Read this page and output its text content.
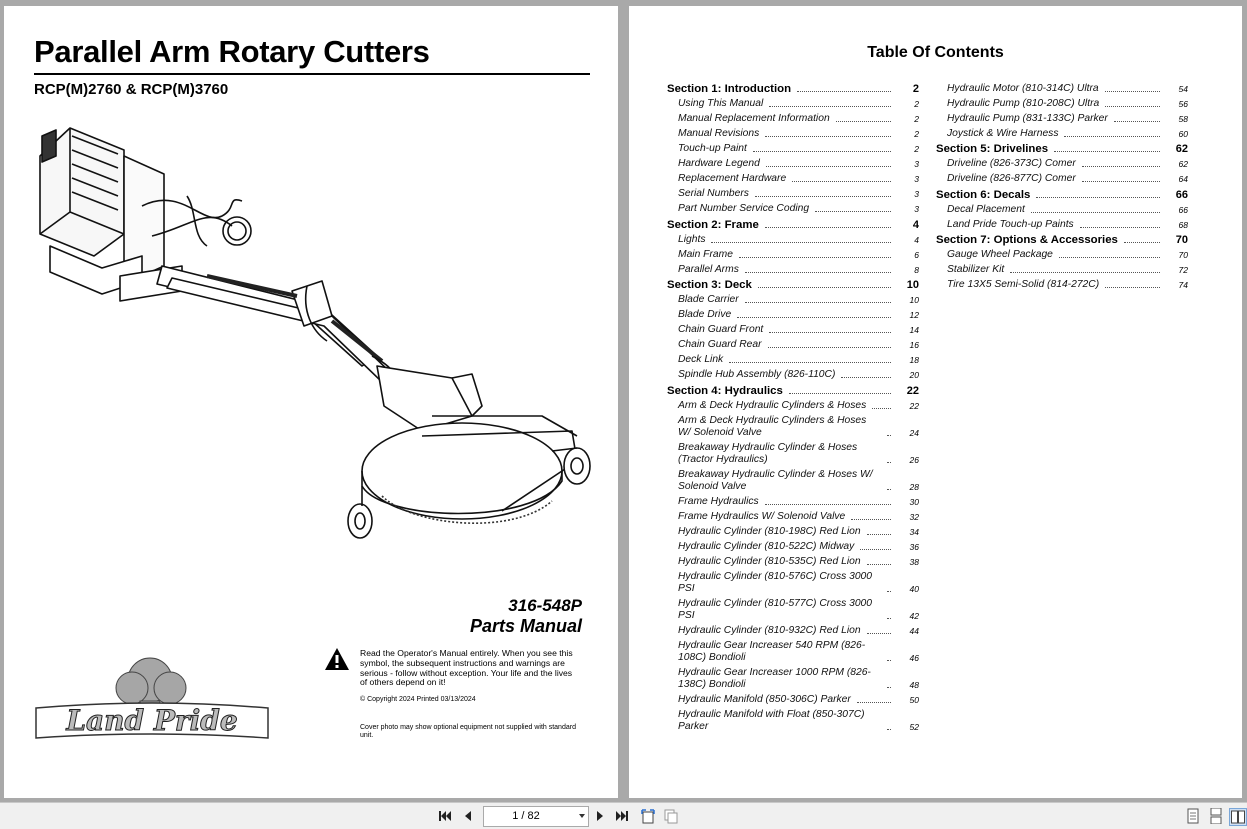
Parallel Arm Rotary Cutters
RCP(M)2760 & RCP(M)3760
316-548P
Parts Manual
Land Pride
Read the Operator's Manual entirely. When you see this symbol, the subsequent instructions and warnings are serious - follow without exception. Your life and the lives of others depend on it!
© Copyright 2024 Printed 03/13/2024
Cover photo may show optional equipment not supplied with standard unit.
Table Of Contents
Section 1: Introduction	2
Using This Manual	2
Manual Replacement Information	2
Manual Revisions	2
Touch-up Paint	2
Hardware Legend	3
Replacement Hardware	3
Serial Numbers	3
Part Number Service Coding	3
Section 2: Frame	4
Lights	4
Main Frame	6
Parallel Arms	8
Section 3: Deck	10
Blade Carrier	10
Blade Drive	12
Chain Guard Front	14
Chain Guard Rear	16
Deck Link	18
Spindle Hub Assembly (826-110C)	20
Section 4: Hydraulics	22
Arm & Deck Hydraulic Cylinders & Hoses	22
Arm & Deck Hydraulic Cylinders & Hoses W/ Solenoid Valve	24
Breakaway Hydraulic Cylinder & Hoses (Tractor Hydraulics)	26
Breakaway Hydraulic Cylinder & Hoses W/ Solenoid Valve	28
Frame Hydraulics	30
Frame Hydraulics W/ Solenoid Valve	32
Hydraulic Cylinder (810-198C) Red Lion	34
Hydraulic Cylinder (810-522C) Midway	36
Hydraulic Cylinder (810-535C) Red Lion	38
Hydraulic Cylinder (810-576C) Cross 3000 PSI	40
Hydraulic Cylinder (810-577C) Cross 3000 PSI	42
Hydraulic Cylinder (810-932C) Red Lion	44
Hydraulic Gear Increaser 540 RPM (826-108C) Bondioli	46
Hydraulic Gear Increaser 1000 RPM (826-138C) Bondioli	48
Hydraulic Manifold (850-306C) Parker	50
Hydraulic Manifold with Float (850-307C) Parker	52
Hydraulic Motor (810-314C) Ultra	54
Hydraulic Pump (810-208C) Ultra	56
Hydraulic Pump (831-133C) Parker	58
Joystick & Wire Harness	60
Section 5: Drivelines	62
Driveline (826-373C) Comer	62
Driveline (826-877C) Comer	64
Section 6: Decals	66
Decal Placement	66
Land Pride Touch-up Paints	68
Section 7: Options & Accessories	70
Gauge Wheel Package	70
Stabilizer Kit	72
Tire 13X5 Semi-Solid (814-272C)	74
1 / 82
